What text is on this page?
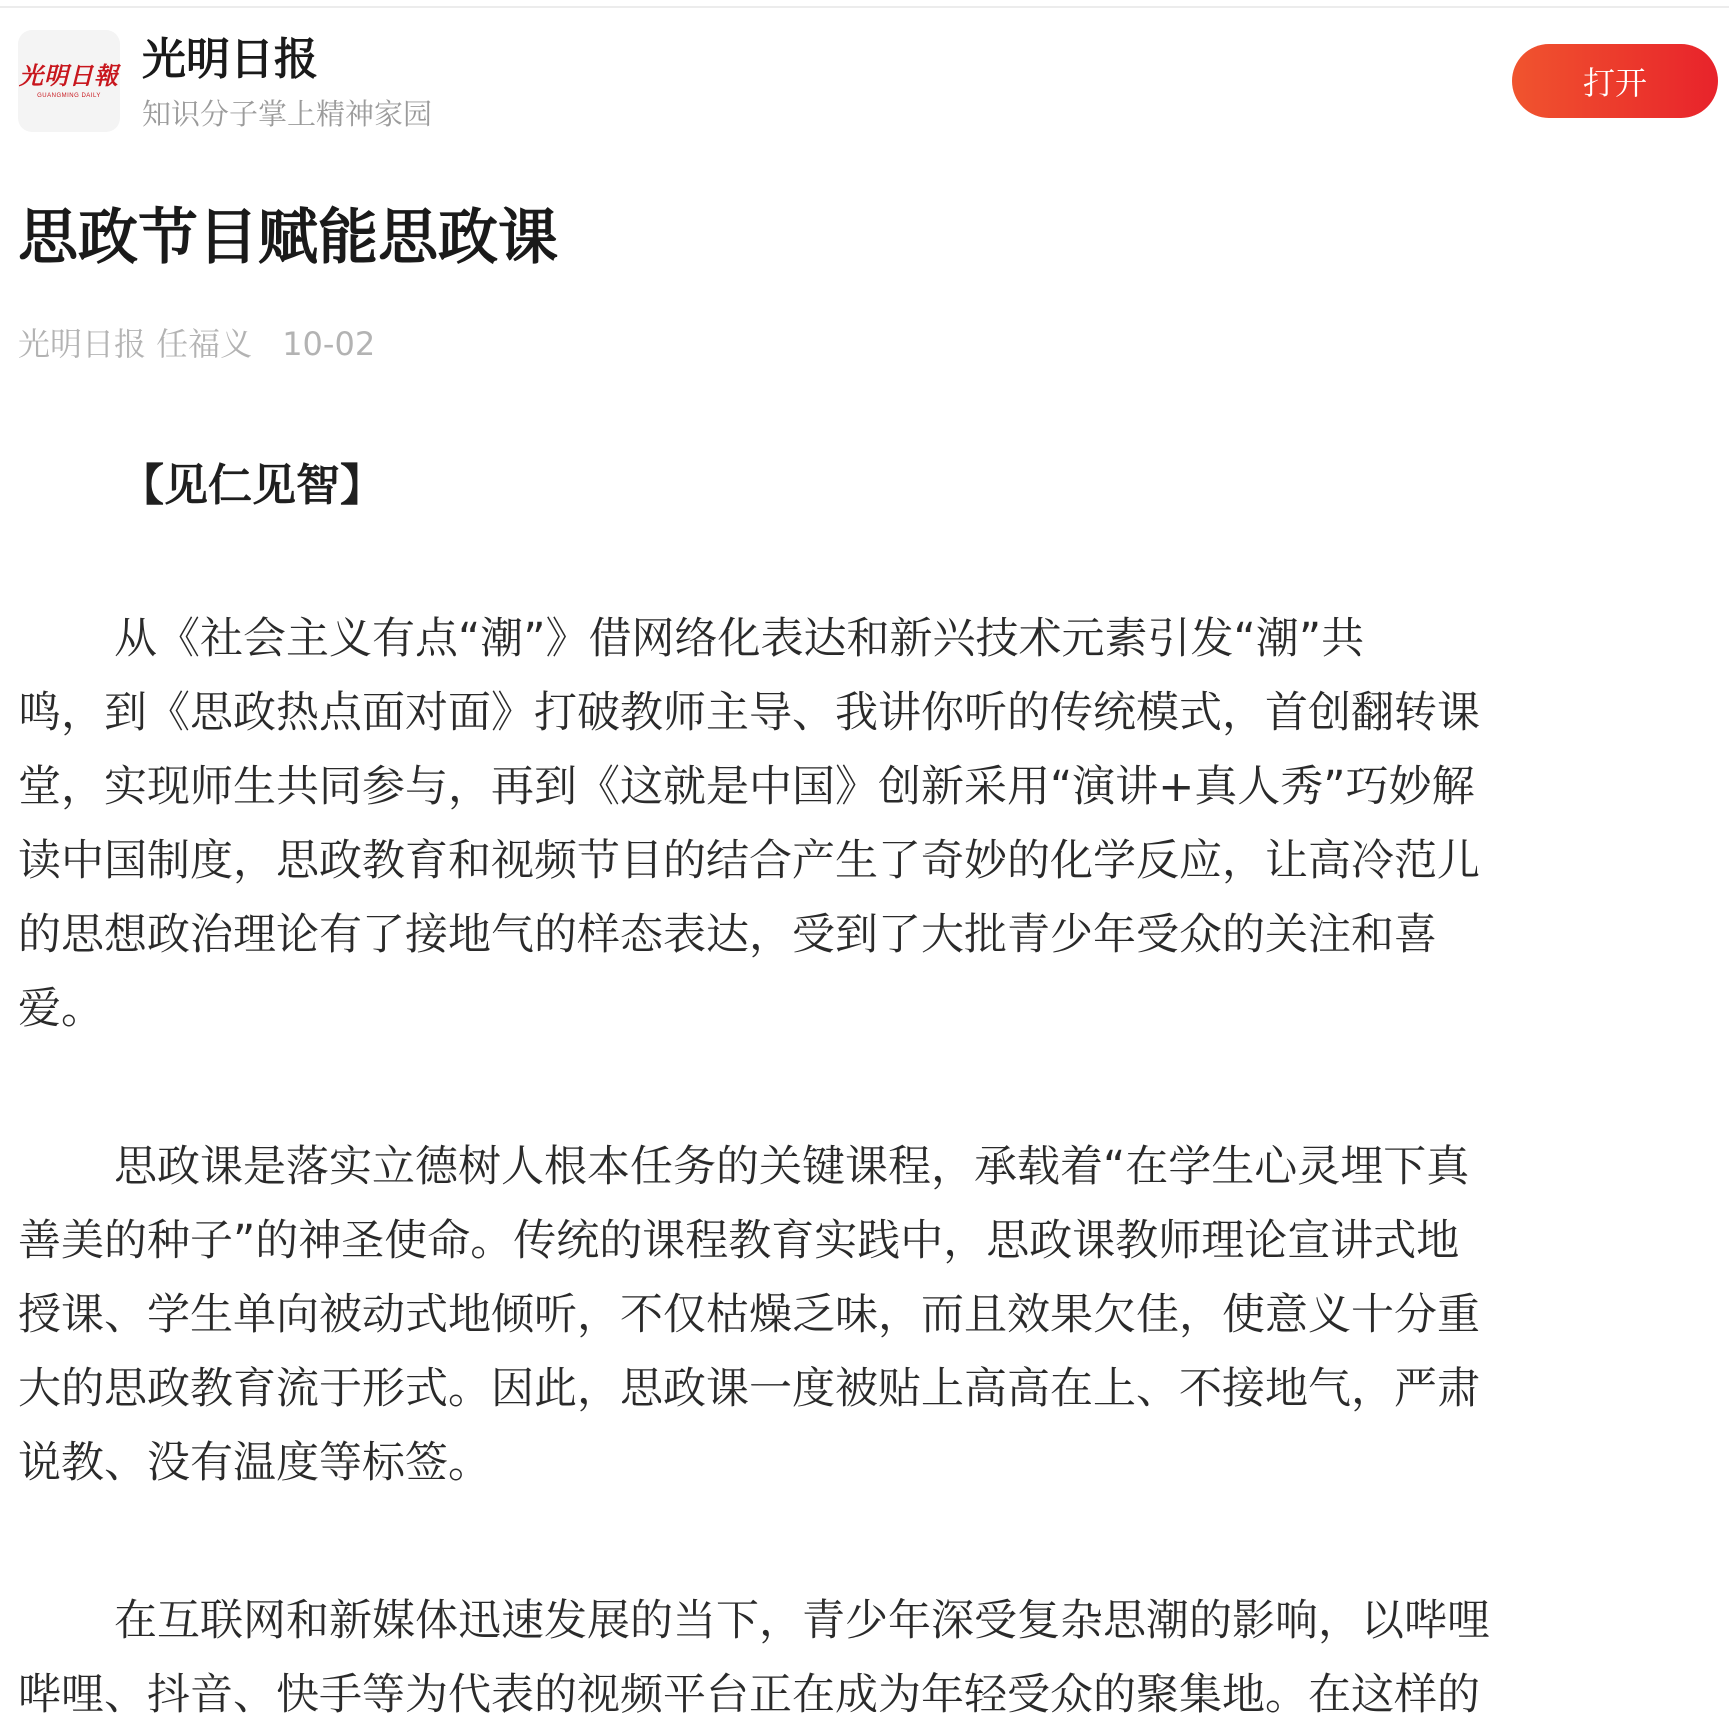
光明日報
GUANGMING DAILY
光明日报
知识分子掌上精神家园
打开
思政节目赋能思政课
光明日报 任福义 10-02
【见仁见智】

从《社会主义有点“潮”》借网络化表达和新兴技术元素引发“潮”共
鸣，到《思政热点面对面》打破教师主导、我讲你听的传统模式，首创翻转课
堂，实现师生共同参与，再到《这就是中国》创新采用“演讲+真人秀”巧妙解
读中国制度，思政教育和视频节目的结合产生了奇妙的化学反应，让高冷范儿
的思想政治理论有了接地气的样态表达，受到了大批青少年受众的关注和喜
爱。

思政课是落实立德树人根本任务的关键课程，承载着“在学生心灵埋下真
善美的种子”的神圣使命。传统的课程教育实践中，思政课教师理论宣讲式地
授课、学生单向被动式地倾听，不仅枯燥乏味，而且效果欠佳，使意义十分重
大的思政教育流于形式。因此，思政课一度被贴上高高在上、不接地气，严肃
说教、没有温度等标签。

在互联网和新媒体迅速发展的当下，青少年深受复杂思潮的影响，以哔哩
哔哩、抖音、快手等为代表的视频平台正在成为年轻受众的聚集地。在这样的
